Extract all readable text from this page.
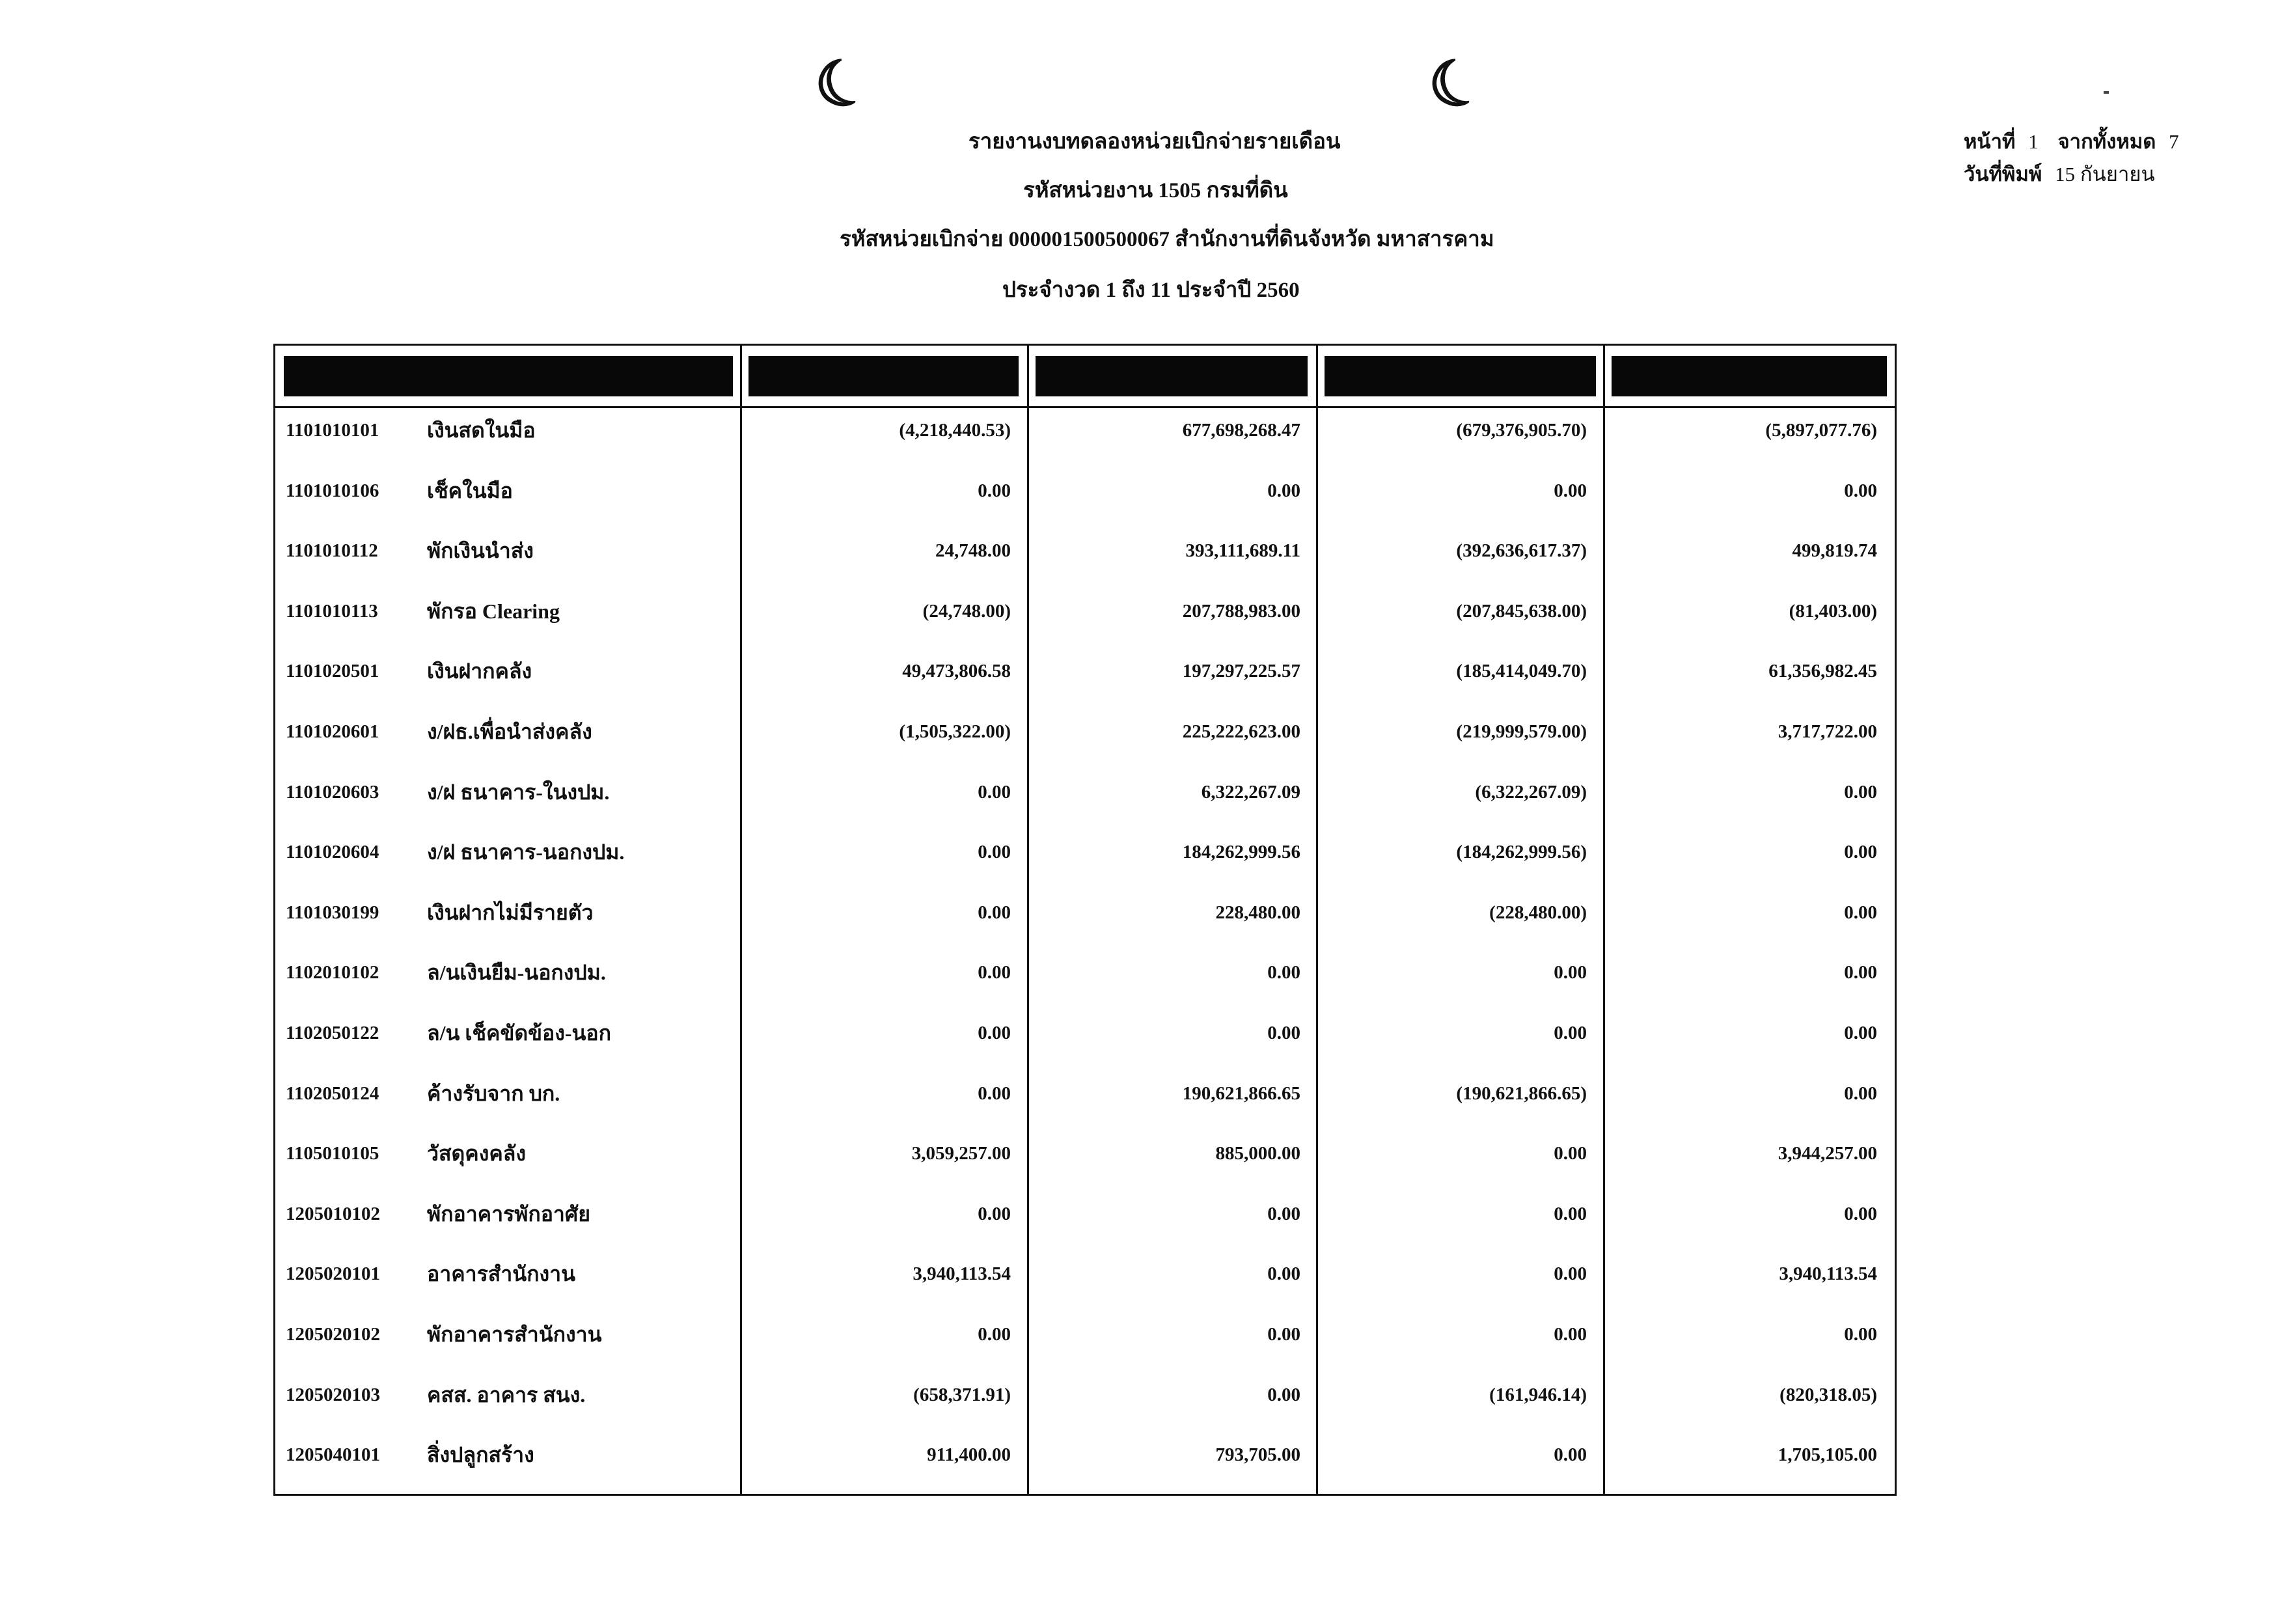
☾	☾
รายงานงบทดลองหน่วยเบิกจ่ายรายเดือน
รหัสหน่วยงาน 1505 กรมที่ดิน
รหัสหน่วยเบิกจ่าย 000001500500067 สำนักงานที่ดินจังหวัด มหาสารคาม
ประจำงวด 1 ถึง 11 ประจำปี 2560
หน้าที่ 1 จากทั้งหมด 7
วันที่พิมพ์ 15 กันยายน
1101010101 เงินสดในมือ	(4,218,440.53)	677,698,268.47	(679,376,905.70)	(5,897,077.76)
1101010106 เช็คในมือ	0.00	0.00	0.00	0.00
1101010112 พักเงินนำส่ง	24,748.00	393,111,689.11	(392,636,617.37)	499,819.74
1101010113 พักรอ Clearing	(24,748.00)	207,788,983.00	(207,845,638.00)	(81,403.00)
1101020501 เงินฝากคลัง	49,473,806.58	197,297,225.57	(185,414,049.70)	61,356,982.45
1101020601 ง/ฝธ.เพื่อนำส่งคลัง	(1,505,322.00)	225,222,623.00	(219,999,579.00)	3,717,722.00
1101020603 ง/ฝ ธนาคาร-ในงปม.	0.00	6,322,267.09	(6,322,267.09)	0.00
1101020604 ง/ฝ ธนาคาร-นอกงปม.	0.00	184,262,999.56	(184,262,999.56)	0.00
1101030199 เงินฝากไม่มีรายตัว	0.00	228,480.00	(228,480.00)	0.00
1102010102 ล/นเงินยืม-นอกงปม.	0.00	0.00	0.00	0.00
1102050122 ล/น เช็คขัดข้อง-นอก	0.00	0.00	0.00	0.00
1102050124 ค้างรับจาก บก.	0.00	190,621,866.65	(190,621,866.65)	0.00
1105010105 วัสดุคงคลัง	3,059,257.00	885,000.00	0.00	3,944,257.00
1205010102 พักอาคารพักอาศัย	0.00	0.00	0.00	0.00
1205020101 อาคารสำนักงาน	3,940,113.54	0.00	0.00	3,940,113.54
1205020102 พักอาคารสำนักงาน	0.00	0.00	0.00	0.00
1205020103 คสส. อาคาร สนง.	(658,371.91)	0.00	(161,946.14)	(820,318.05)
1205040101 สิ่งปลูกสร้าง	911,400.00	793,705.00	0.00	1,705,105.00
